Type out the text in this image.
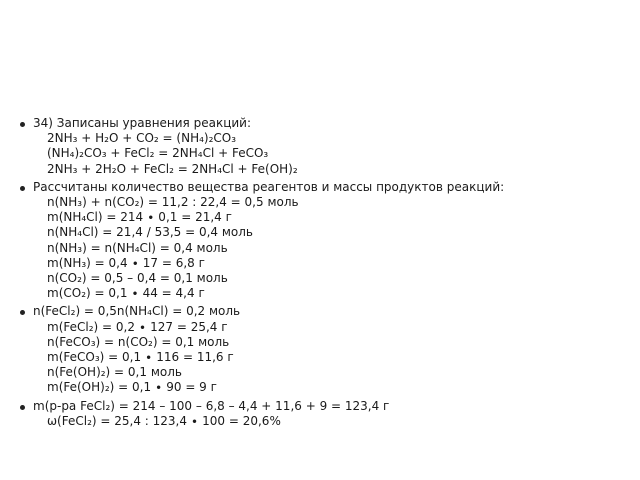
34) Записаны уравнения реакций:
2NH₃ + H₂O + CO₂ = (NH₄)₂CO₃
(NH₄)₂CO₃ + FeCl₂ = 2NH₄Cl + FeCO₃
2NH₃ + 2H₂O + FeCl₂ = 2NH₄Cl + Fe(OH)₂
Рассчитаны количество вещества реагентов и массы продуктов реакций:
n(NH₃) + n(CO₂) = 11,2 : 22,4 = 0,5 моль
m(NH₄Cl) = 214 ∙ 0,1 = 21,4 г
n(NH₄Cl) = 21,4 / 53,5 = 0,4 моль
n(NH₃) = n(NH₄Cl) = 0,4 моль
m(NH₃) = 0,4 ∙ 17 = 6,8 г
n(CO₂) = 0,5 – 0,4 = 0,1 моль
m(CO₂) = 0,1 ∙ 44 = 4,4 г
n(FeCl₂) = 0,5n(NH₄Cl) = 0,2 моль
m(FeCl₂) = 0,2 ∙ 127 = 25,4 г
n(FeCO₃) = n(CO₂) = 0,1 моль
m(FeCO₃) = 0,1 ∙ 116 = 11,6 г
n(Fe(OH)₂) = 0,1 моль
m(Fe(OH)₂) = 0,1 ∙ 90 = 9 г
m(р-ра FeCl₂) = 214 – 100 – 6,8 – 4,4 + 11,6 + 9 = 123,4 г
ω(FeCl₂) = 25,4 : 123,4 ∙ 100 = 20,6%
